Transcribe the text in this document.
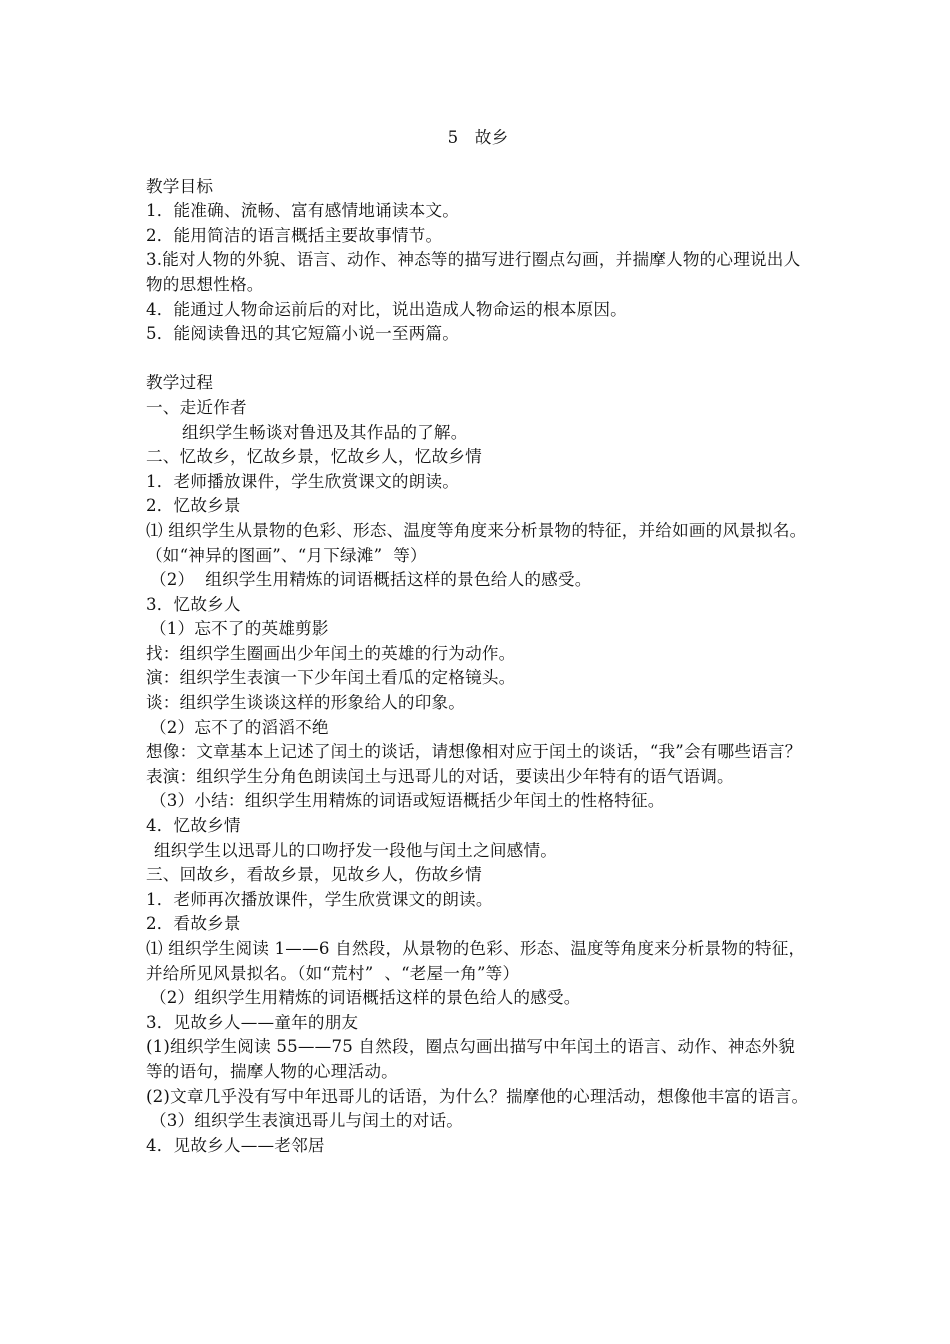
5   故乡
教学目标
1．能准确、流畅、富有感情地诵读本文。
2．能用简洁的语言概括主要故事情节。
3.能对人物的外貌、语言、动作、神态等的描写进行圈点勾画，并揣摩人物的心理说出人物的思想性格。
4．能通过人物命运前后的对比，说出造成人物命运的根本原因。
5．能阅读鲁迅的其它短篇小说一至两篇。
教学过程
一、走近作者
组织学生畅谈对鲁迅及其作品的了解。
二、忆故乡，忆故乡景，忆故乡人，忆故乡情
1．老师播放课件，学生欣赏课文的朗读。
2．忆故乡景
⑴ 组织学生从景物的色彩、形态、温度等角度来分析景物的特征，并给如画的风景拟名。（如“神异的图画”、“月下绿滩”  等）
（2）  组织学生用精炼的词语概括这样的景色给人的感受。
3．忆故乡人
（1）忘不了的英雄剪影
找：组织学生圈画出少年闰土的英雄的行为动作。
演：组织学生表演一下少年闰土看瓜的定格镜头。
谈：组织学生谈谈这样的形象给人的印象。
（2）忘不了的滔滔不绝
想像：文章基本上记述了闰土的谈话，请想像相对应于闰土的谈话，“我”会有哪些语言？
表演：组织学生分角色朗读闰土与迅哥儿的对话，要读出少年特有的语气语调。
（3）小结：组织学生用精炼的词语或短语概括少年闰土的性格特征。
4．忆故乡情
组织学生以迅哥儿的口吻抒发一段他与闰土之间感情。
三、回故乡，看故乡景，见故乡人，伤故乡情
1．老师再次播放课件，学生欣赏课文的朗读。
2．看故乡景
⑴ 组织学生阅读 1——6 自然段，从景物的色彩、形态、温度等角度来分析景物的特征，并给所见风景拟名。（如“荒村”  、“老屋一角”等）
（2）组织学生用精炼的词语概括这样的景色给人的感受。
3．见故乡人——童年的朋友
(1)组织学生阅读 55——75 自然段，圈点勾画出描写中年闰土的语言、动作、神态外貌等的语句，揣摩人物的心理活动。
(2)文章几乎没有写中年迅哥儿的话语，为什么？揣摩他的心理活动，想像他丰富的语言。
（3）组织学生表演迅哥儿与闰土的对话。
4．见故乡人——老邻居
